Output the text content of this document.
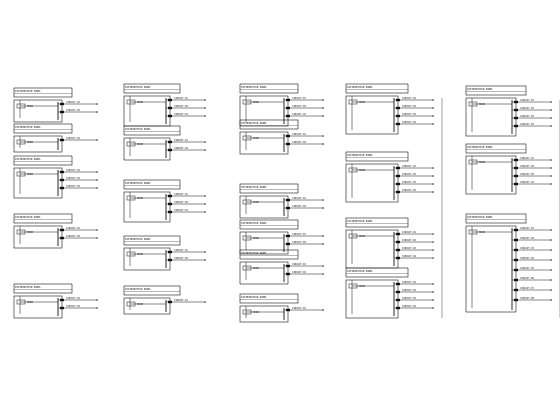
DISTRIBUTION PANEL
MCCB
CIRCUIT-01
CIRCUIT-02
DISTRIBUTION PANEL
MCCB
CIRCUIT-01
DISTRIBUTION PANEL
MCCB
CIRCUIT-01
CIRCUIT-02
CIRCUIT-03
DISTRIBUTION PANEL
MCCB
CIRCUIT-01
CIRCUIT-02
DISTRIBUTION PANEL
MCCB
CIRCUIT-01
CIRCUIT-02
DISTRIBUTION PANEL
MCCB
CIRCUIT-01
CIRCUIT-02
CIRCUIT-03
DISTRIBUTION PANEL
MCCB
CIRCUIT-01
CIRCUIT-02
DISTRIBUTION PANEL
MCCB
CIRCUIT-01
CIRCUIT-02
CIRCUIT-03
DISTRIBUTION PANEL
MCCB
CIRCUIT-01
CIRCUIT-02
DISTRIBUTION PANEL
MCCB
CIRCUIT-01
DISTRIBUTION PANEL
MCCB
CIRCUIT-01
CIRCUIT-02
CIRCUIT-03
DISTRIBUTION PANEL
MCCB
CIRCUIT-01
CIRCUIT-02
DISTRIBUTION PANEL
MCCB
CIRCUIT-01
CIRCUIT-02
DISTRIBUTION PANEL
MCCB
CIRCUIT-01
CIRCUIT-02
DISTRIBUTION PANEL
MCCB
CIRCUIT-01
CIRCUIT-02
DISTRIBUTION PANEL
MCCB
CIRCUIT-01
DISTRIBUTION PANEL
MCCB
CIRCUIT-01
CIRCUIT-02
CIRCUIT-03
CIRCUIT-04
DISTRIBUTION PANEL
MCCB
CIRCUIT-01
CIRCUIT-02
CIRCUIT-03
CIRCUIT-04
DISTRIBUTION PANEL
MCCB
CIRCUIT-01
CIRCUIT-02
CIRCUIT-03
CIRCUIT-04
DISTRIBUTION PANEL
MCCB
CIRCUIT-01
CIRCUIT-02
CIRCUIT-03
CIRCUIT-04
DISTRIBUTION PANEL
MCCB
CIRCUIT-01
CIRCUIT-02
CIRCUIT-03
CIRCUIT-04
DISTRIBUTION PANEL
MCCB
CIRCUIT-01
CIRCUIT-02
CIRCUIT-03
CIRCUIT-04
DISTRIBUTION PANEL
MCCB
CIRCUIT-01
CIRCUIT-02
CIRCUIT-03
CIRCUIT-04
CIRCUIT-05
CIRCUIT-06
CIRCUIT-07
CIRCUIT-08
